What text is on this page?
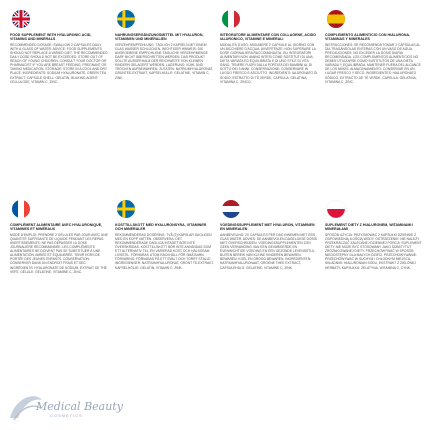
FOOD SUPPLEMENT WITH HYALURONIC ACID, VITAMINS AND MINERALS
RECOMMENDED DOSAGE: SWALLOW 2 CAPSULES DAILY WITH A GLASS OF WATER. ADVICE: FOOD SUPPLEMENTS SHOULD NOT REPLACE A VARIED DIET. THE RECOMMENDED DAILY DOSE SHOULD NOT BE EXCEEDED. STORE OUT OF REACH OF YOUNG CHILDREN. CONSULT YOUR DOCTOR OR PHARMACIST IF YOU ARE BREAST FEEDING, PREGNANT OR TAKING MEDICATION. STORAGE: STORE IN A COOL AND DRY PLACE. INGREDIENTS: SODIUM HYALURONATE, GREEN TEA EXTRACT, CAPSULE SHELL: GELATIN, BULKING AGENT: CELLULOSE, VITAMIN C, ZINC.
NAHRUNGSERGÄNZUNGSMITTEL MIT HYALURON, VITAMINEN UND MINERALIEN
VERZEHREMPFEHLUNG: TÄGLICH 2 KAPSELN MIT EINEM GLAS WASSER SCHLUCKEN. WICHTIGER HINWEIS: DIE ANGEGEBENE EMPFOHLENE TÄGLICHE VERZEHRMENGE DARF NICHT ÜBERSCHRITTEN WERDEN. DAS PRODUKT SOLLTE AUSSERHALB DER REICHWEITE VON KLEINEN KINDERN GELAGERT WERDEN. LAGERUNG: KÜHL UND TROCKEN AUFBEWAHREN. ZUTATEN: NATRIUMHYALURONAT, GRÜNTEE-EXTRAKT, KAPSELHÜLLE: GELATINE, VITAMIN C, ZINK.
INTEGRATORE ALIMENTARE CON COLLAGENE, ACIDO IALURONICO, VITAMINE E MINERALI
MODALITÀ D'USO: ASSUMERE 2 CAPSULE AL GIORNO CON UN BICCHIERE D'ACQUA. AVVERTENZE: NON SUPERARE LA DOSE GIORNALIERA RACCOMANDATA. GLI INTEGRATORI ALIMENTARI NON VANNO INTESI COME SOSTITUTI DI UNA DIETA VARIATA ED EQUILIBRATA E DI UNO STILE DI VITA SANO. TENERE FUORI DALLA PORTATA DEI BAMBINI AL DI SOTTO DEI 3 ANNI. CONSERVAZIONE: CONSERVARE IN LUOGO FRESCO E ASCIUTTO. INGREDIENTI: IALURONATO DI SODIO, ESTRATTO DI TÈ VERDE, CAPSULA: GELATINA, VITAMINA C, ZINCO.
COMPLEMENTO ALIMENTICIO CON HIALURONA, VITAMINAS Y MINERALES
INSTRUCCIONES: SE RECOMIENDA TOMAR 2 CÁPSULAS AL DÍA TRAGÁNDOLAS ENTERAS CON UN VASO DE AGUA. PRECAUCIONES: NO EXCEDER LA DOSIS DIARIA RECOMENDADA. LOS COMPLEMENTOS ALIMENTICIOS NO DEBEN UTILIZARSE COMO SUSTITUTOS DE UNA DIETA VARIADA Y EQUILIBRADA. MANTENER FUERA DEL ALCANCE DE LOS NIÑOS. ALMACENAMIENTO: CONSERVAR EN UN LUGAR FRESCO Y SECO. INGREDIENTES: HIALURONATO SÓDICO, EXTRACTO DE TÉ VERDE, CÁPSULA: GELATINA, VITAMINA C, ZINC.
COMPLÉMENT ALIMENTAIRE AVEC HYALURONIQUE, VITAMINES ET MINÉRAUX
MODE D'EMPLOI: PRENDRE 2 GÉLULES PAR JOUR AVEC UNE QUANTITÉ SUFFISANTE DE LIQUIDE PENDANT LES REPAS. AVERTISSEMENTS: NE PAS DÉPASSER LA DOSE JOURNALIÈRE RECOMMANDÉE. LES COMPLÉMENTS ALIMENTAIRES NE DOIVENT PAS SE SUBSTITUER À UNE ALIMENTATION VARIÉE ET ÉQUILIBRÉE. TENIR HORS DE PORTÉE DES JEUNES ENFANTS. CONSERVATION: CONSERVER DANS UN ENDROIT FRAIS ET SEC. INGRÉDIENTS: HYALURONATE DE SODIUM, EXTRAIT DE THÉ VERT, GÉLULE: GÉLATINE, VITAMINE C, ZINC.
KOSTTILLSKOTT MED HYALURONSYRA, VITAMINER OCH MINERALER
REKOMMENDERAD DOSERING: TVÅ (2) KAPSLAR DAGLIGEN MED EN KOPP VATTEN. OBSERVERA: DET REKOMMENDERADE DAGLIGA INTAGET BÖR INTE ÖVERSKRIDAS. KOSTTILLSKOTT BÖR INTE ANVÄNDAS SOM ETT ALTERNATIV TILL EN VARIERAD KOST OCH HÄLSOSAM LIVSSTIL. FÖRVARAS UTOM RÄCKHÅLL FÖR SMÅ BARN. FÖRVARING: FÖRVARAS PÅ ETT SVALT OCH TORRT STÄLLE. INGREDIENSER: NATRIUMHYALURONAT, GRÖNT TE-EXTRAKT, KAPSELHÖLJE: GELATIN, VITAMIN C, ZINK.
VOEDINGSSUPPLEMENT MET HYALURON, VITAMINEN EN MINERALEN
AANBEVELING: 2X CAPSULES PER DAG INNEMEN MET EEN GLAS WATER. ADVIES: DE AANBEVOLEN DAGELIJKSE DOSIS NIET OVERSCHRIJDEN. VOEDINGSSUPPLEMENTEN ZIJN GEEN VERVANGING VAN EEN GEVARIEERDE EN EVENWICHTIGE VOEDING EN EEN GEZONDE LEVENSSTIJL. BUITEN BEREIK VAN KLEINE KINDEREN BEWAREN. BEWAREN: KOEL EN DROOG BEWAREN. INGREDIËNTEN: NATRIUMHYALURONAAT, GROENE THEE EXTRACT, CAPSULEHULS: GELATINE, VITAMINE C, ZINK.
SUPLEMENT DIETY Z HIALURONEM, WITAMINAMI I MINERAŁAMI
SPOSÓB UŻYCIA: PRZYJMOWAĆ 2 KAPSUŁKI DZIENNIE Z ODPOWIEDNIĄ ILOŚCIĄ WODY. OSTRZEŻENIE: NIE NALEŻY PRZEKRACZAĆ ZALECANEJ DZIENNEJ PORCJI. SUPLEMENT DIETY NIE MOŻE BYĆ STOSOWANY JAKO SUBSTYTUT ZRÓŻNICOWANEJ DIETY. PRZECHOWYWAĆ W SPOSÓB NIEDOSTĘPNY DLA MAŁYCH DZIECI. PRZECHOWYWANIE: PRZECHOWYWAĆ W SUCHYM I CHŁODNYM MIEJSCU. SKŁADNIKI: HIALURONIAN SODU, EKSTRAKT Z ZIELONEJ HERBATY, KAPSUŁKA: ŻELATYNA, WITAMINA C, CYNK.
Medical Beauty
COSMETICS
